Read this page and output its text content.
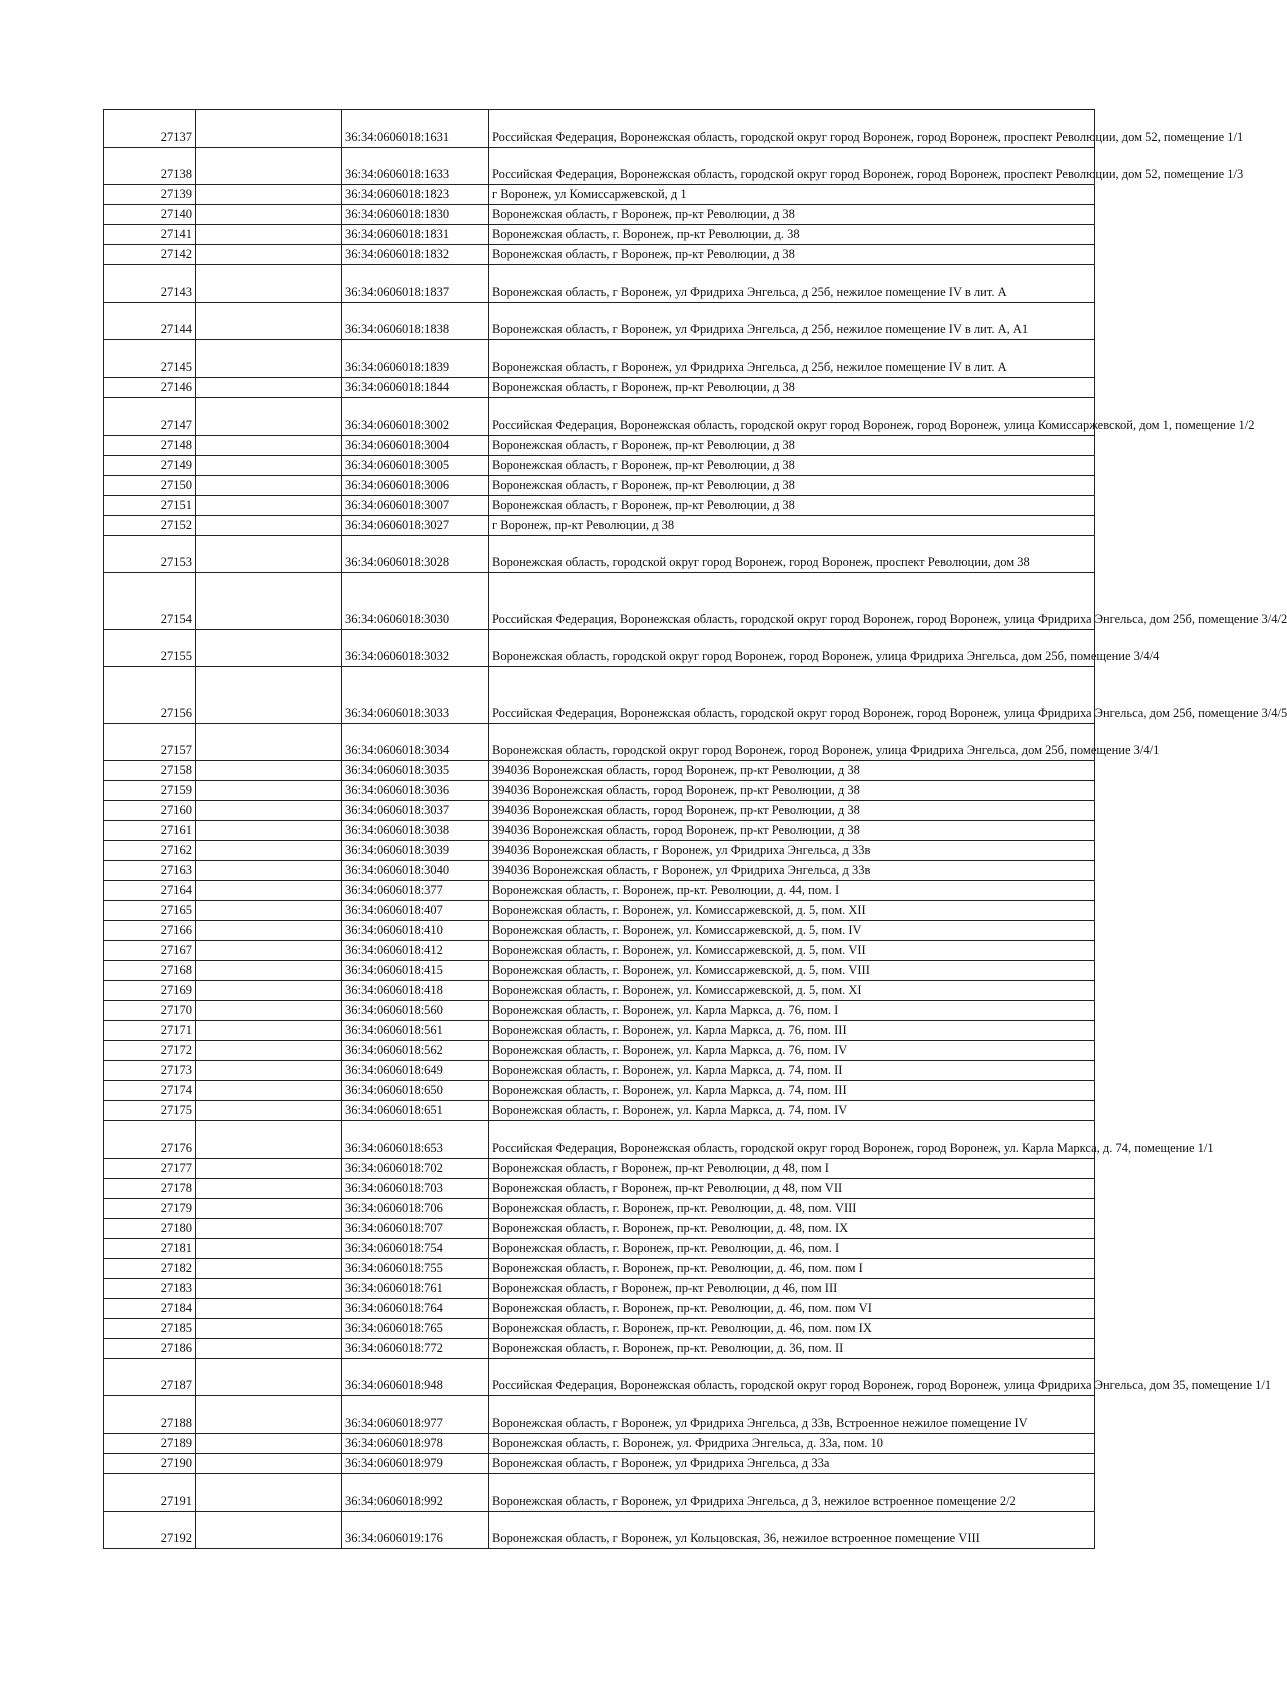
27137		36:34:0606018:1631	Российская Федерация, Воронежская область, городской округ город Воронеж, город Воронеж, проспект Революции, дом 52, помещение 1/1
27138		36:34:0606018:1633	Российская Федерация, Воронежская область, городской округ город Воронеж, город Воронеж, проспект Революции, дом 52, помещение 1/3
27139		36:34:0606018:1823	г Воронеж, ул Комиссаржевской, д 1
27140		36:34:0606018:1830	Воронежская область, г Воронеж, пр-кт Революции, д 38
27141		36:34:0606018:1831	Воронежская область, г. Воронеж, пр-кт Революции, д. 38
27142		36:34:0606018:1832	Воронежская область, г Воронеж, пр-кт Революции, д 38
27143		36:34:0606018:1837	Воронежская область, г Воронеж, ул Фридриха Энгельса, д 25б, нежилое помещение IV в лит. А
27144		36:34:0606018:1838	Воронежская область, г Воронеж, ул Фридриха Энгельса, д 25б, нежилое помещение IV в лит. А, А1
27145		36:34:0606018:1839	Воронежская область, г Воронеж, ул Фридриха Энгельса, д 25б, нежилое помещение IV в лит. А
27146		36:34:0606018:1844	Воронежская область, г Воронеж, пр-кт Революции, д 38
27147		36:34:0606018:3002	Российская Федерация, Воронежская область, городской округ город Воронеж, город Воронеж, улица Комиссаржевской, дом 1, помещение 1/2
27148		36:34:0606018:3004	Воронежская область, г Воронеж, пр-кт Революции, д 38
27149		36:34:0606018:3005	Воронежская область, г Воронеж, пр-кт Революции, д 38
27150		36:34:0606018:3006	Воронежская область, г Воронеж, пр-кт Революции, д 38
27151		36:34:0606018:3007	Воронежская область, г Воронеж, пр-кт Революции, д 38
27152		36:34:0606018:3027	г Воронеж, пр-кт Революции, д 38
27153		36:34:0606018:3028	Воронежская область, городской округ город Воронеж, город Воронеж, проспект Революции, дом 38
27154		36:34:0606018:3030	Российская Федерация, Воронежская область, городской округ город Воронеж, город Воронеж, улица Фридриха Энгельса, дом 25б, помещение 3/4/2
27155		36:34:0606018:3032	Воронежская область, городской округ город Воронеж, город Воронеж, улица Фридриха Энгельса, дом 25б, помещение 3/4/4
27156		36:34:0606018:3033	Российская Федерация, Воронежская область, городской округ город Воронеж, город Воронеж, улица Фридриха Энгельса, дом 25б, помещение 3/4/5
27157		36:34:0606018:3034	Воронежская область, городской округ город Воронеж, город Воронеж, улица Фридриха Энгельса, дом 25б, помещение 3/4/1
27158		36:34:0606018:3035	394036 Воронежская область, город Воронеж, пр-кт Революции, д 38
27159		36:34:0606018:3036	394036 Воронежская область, город Воронеж, пр-кт Революции, д 38
27160		36:34:0606018:3037	394036 Воронежская область, город Воронеж, пр-кт Революции, д 38
27161		36:34:0606018:3038	394036 Воронежская область, город Воронеж, пр-кт Революции, д 38
27162		36:34:0606018:3039	394036 Воронежская область, г Воронеж, ул Фридриха Энгельса, д 33в
27163		36:34:0606018:3040	394036 Воронежская область, г Воронеж, ул Фридриха Энгельса, д 33в
27164		36:34:0606018:377	Воронежская область, г. Воронеж, пр-кт. Революции, д. 44, пом. I
27165		36:34:0606018:407	Воронежская область, г. Воронеж, ул. Комиссаржевской, д. 5, пом. XII
27166		36:34:0606018:410	Воронежская область, г. Воронеж, ул. Комиссаржевской, д. 5, пом. IV
27167		36:34:0606018:412	Воронежская область, г. Воронеж, ул. Комиссаржевской, д. 5, пом. VII
27168		36:34:0606018:415	Воронежская область, г. Воронеж, ул. Комиссаржевской, д. 5, пом. VIII
27169		36:34:0606018:418	Воронежская область, г. Воронеж, ул. Комиссаржевской, д. 5, пом. XI
27170		36:34:0606018:560	Воронежская область, г. Воронеж, ул. Карла Маркса, д. 76, пом. I
27171		36:34:0606018:561	Воронежская область, г. Воронеж, ул. Карла Маркса, д. 76, пом. III
27172		36:34:0606018:562	Воронежская область, г. Воронеж, ул. Карла Маркса, д. 76, пом. IV
27173		36:34:0606018:649	Воронежская область, г. Воронеж, ул. Карла Маркса, д. 74, пом. II
27174		36:34:0606018:650	Воронежская область, г. Воронеж, ул. Карла Маркса, д. 74, пом. III
27175		36:34:0606018:651	Воронежская область, г. Воронеж, ул. Карла Маркса, д. 74, пом. IV
27176		36:34:0606018:653	Российская Федерация, Воронежская область, городской округ город Воронеж, город Воронеж, ул. Карла Маркса, д. 74, помещение 1/1
27177		36:34:0606018:702	Воронежская область, г Воронеж, пр-кт Революции, д 48, пом I
27178		36:34:0606018:703	Воронежская область, г Воронеж, пр-кт Революции, д 48, пом VII
27179		36:34:0606018:706	Воронежская область, г. Воронеж, пр-кт. Революции, д. 48, пом. VIII
27180		36:34:0606018:707	Воронежская область, г. Воронеж, пр-кт. Революции, д. 48, пом. IX
27181		36:34:0606018:754	Воронежская область, г. Воронеж, пр-кт. Революции, д. 46, пом. I
27182		36:34:0606018:755	Воронежская область, г. Воронеж, пр-кт. Революции, д. 46, пом. пом I
27183		36:34:0606018:761	Воронежская область, г Воронеж, пр-кт Революции, д 46, пом III
27184		36:34:0606018:764	Воронежская область, г. Воронеж, пр-кт. Революции, д. 46, пом. пом VI
27185		36:34:0606018:765	Воронежская область, г. Воронеж, пр-кт. Революции, д. 46, пом. пом IX
27186		36:34:0606018:772	Воронежская область, г. Воронеж, пр-кт. Революции, д. 36, пом. II
27187		36:34:0606018:948	Российская Федерация, Воронежская область, городской округ город Воронеж, город Воронеж, улица Фридриха Энгельса, дом 35, помещение 1/1
27188		36:34:0606018:977	Воронежская область, г Воронеж, ул Фридриха Энгельса, д 33в, Встроенное нежилое помещение IV
27189		36:34:0606018:978	Воронежская область, г. Воронеж, ул. Фридриха Энгельса, д. 33а, пом. 10
27190		36:34:0606018:979	Воронежская область, г Воронеж, ул Фридриха Энгельса, д 33а
27191		36:34:0606018:992	Воронежская область, г Воронеж, ул Фридриха Энгельса, д 3, нежилое встроенное помещение 2/2
27192		36:34:0606019:176	Воронежская область, г Воронеж, ул Кольцовская, 36, нежилое встроенное помещение VIII
